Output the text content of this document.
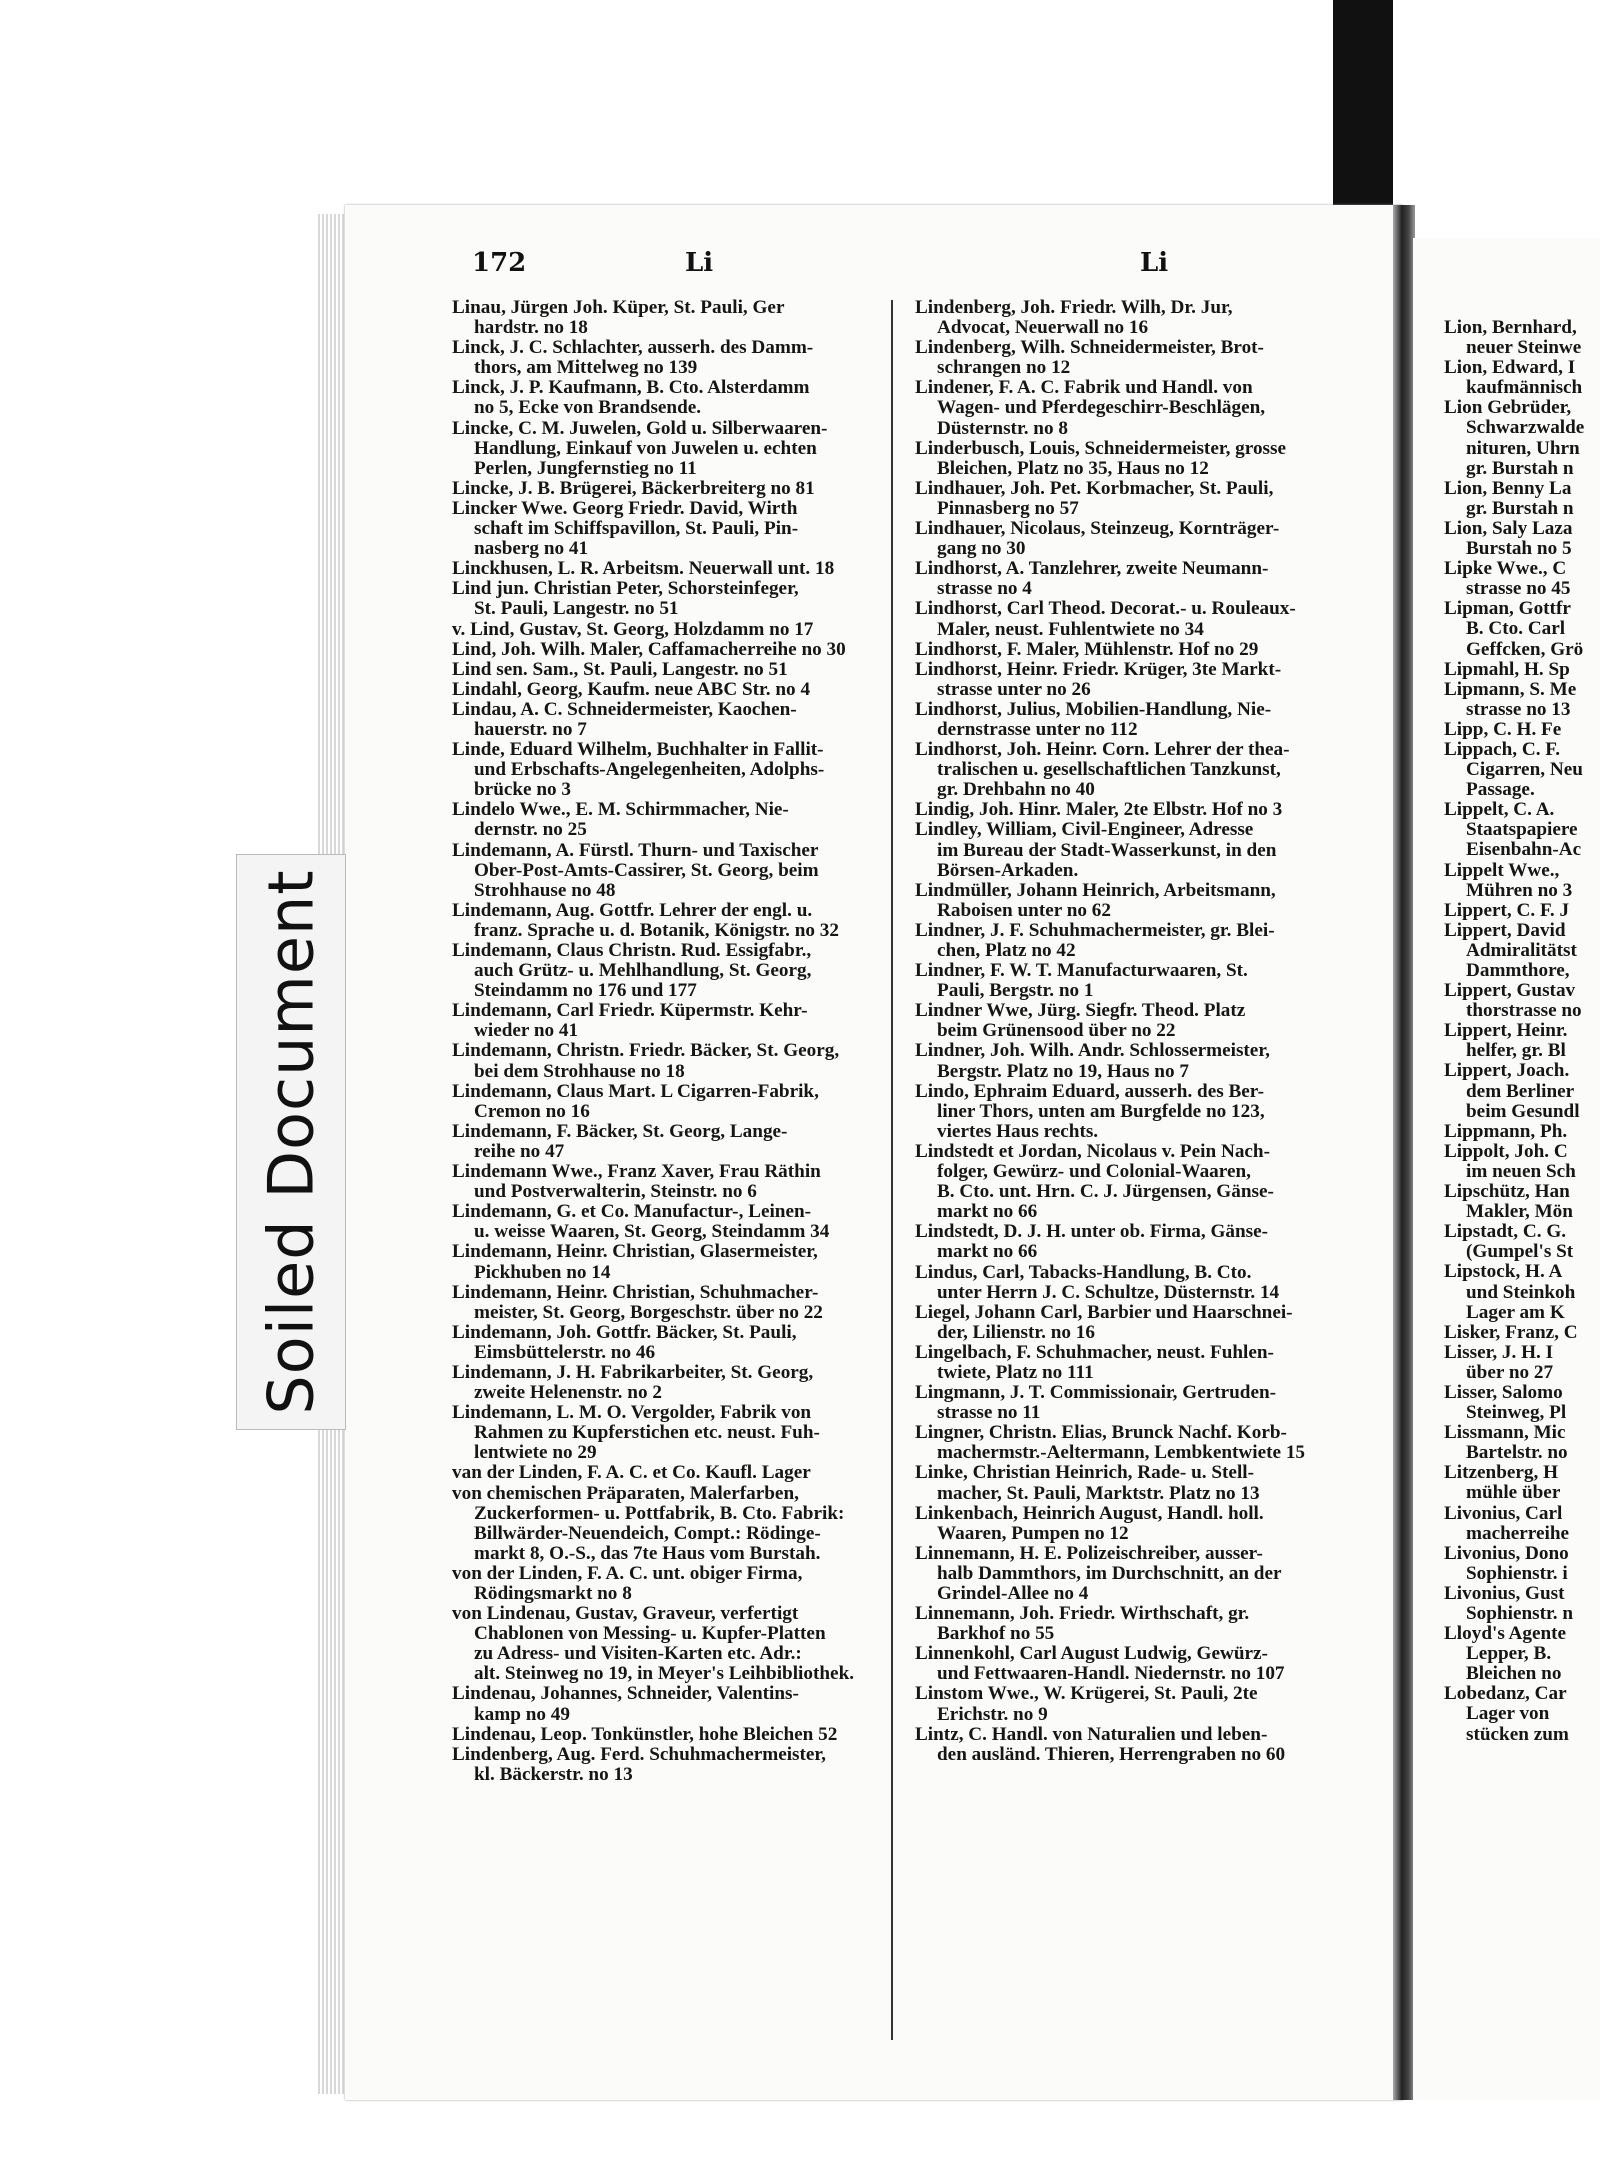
Soiled Document
172	Li	Li
Linau, Jürgen Joh. Küper, St. Pauli, Ger
hardstr. no 18
Linck, J. C. Schlachter, ausserh. des Damm-
thors, am Mittelweg no 139
Linck, J. P. Kaufmann, B. Cto. Alsterdamm
no 5, Ecke von Brandsende.
Lincke, C. M. Juwelen, Gold u. Silberwaaren-
Handlung, Einkauf von Juwelen u. echten
Perlen, Jungfernstieg no 11
Lincke, J. B. Brügerei, Bäckerbreiterg no 81
Lincker Wwe. Georg Friedr. David, Wirth
schaft im Schiffspavillon, St. Pauli, Pin-
nasberg no 41
Linckhusen, L. R. Arbeitsm. Neuerwall unt. 18
Lind jun. Christian Peter, Schorsteinfeger,
St. Pauli, Langestr. no 51
v. Lind, Gustav, St. Georg, Holzdamm no 17
Lind, Joh. Wilh. Maler, Caffamacherreihe no 30
Lind sen. Sam., St. Pauli, Langestr. no 51
Lindahl, Georg, Kaufm. neue ABC Str. no 4
Lindau, A. C. Schneidermeister, Kaochen-
hauerstr. no 7
Linde, Eduard Wilhelm, Buchhalter in Fallit-
und Erbschafts-Angelegenheiten, Adolphs-
brücke no 3
Lindelo Wwe., E. M. Schirmmacher, Nie-
dernstr. no 25
Lindemann, A. Fürstl. Thurn- und Taxischer
Ober-Post-Amts-Cassirer, St. Georg, beim
Strohhause no 48
Lindemann, Aug. Gottfr. Lehrer der engl. u.
franz. Sprache u. d. Botanik, Königstr. no 32
Lindemann, Claus Christn. Rud. Essigfabr.,
auch Grütz- u. Mehlhandlung, St. Georg,
Steindamm no 176 und 177
Lindemann, Carl Friedr. Küpermstr. Kehr-
wieder no 41
Lindemann, Christn. Friedr. Bäcker, St. Georg,
bei dem Strohhause no 18
Lindemann, Claus Mart. L Cigarren-Fabrik,
Cremon no 16
Lindemann, F. Bäcker, St. Georg, Lange-
reihe no 47
Lindemann Wwe., Franz Xaver, Frau Räthin
und Postverwalterin, Steinstr. no 6
Lindemann, G. et Co. Manufactur-, Leinen-
u. weisse Waaren, St. Georg, Steindamm 34
Lindemann, Heinr. Christian, Glasermeister,
Pickhuben no 14
Lindemann, Heinr. Christian, Schuhmacher-
meister, St. Georg, Borgeschstr. über no 22
Lindemann, Joh. Gottfr. Bäcker, St. Pauli,
Eimsbüttelerstr. no 46
Lindemann, J. H. Fabrikarbeiter, St. Georg,
zweite Helenenstr. no 2
Lindemann, L. M. O. Vergolder, Fabrik von
Rahmen zu Kupferstichen etc. neust. Fuh-
lentwiete no 29
van der Linden, F. A. C. et Co. Kaufl. Lager
von chemischen Präparaten, Malerfarben,
Zuckerformen- u. Pottfabrik, B. Cto. Fabrik:
Billwärder-Neuendeich, Compt.: Rödinge-
markt 8, O.-S., das 7te Haus vom Burstah.
von der Linden, F. A. C. unt. obiger Firma,
Rödingsmarkt no 8
von Lindenau, Gustav, Graveur, verfertigt
Chablonen von Messing- u. Kupfer-Platten
zu Adress- und Visiten-Karten etc. Adr.:
alt. Steinweg no 19, in Meyer's Leihbibliothek.
Lindenau, Johannes, Schneider, Valentins-
kamp no 49
Lindenau, Leop. Tonkünstler, hohe Bleichen 52
Lindenberg, Aug. Ferd. Schuhmachermeister,
kl. Bäckerstr. no 13
Lindenberg, Joh. Friedr. Wilh, Dr. Jur,
Advocat, Neuerwall no 16
Lindenberg, Wilh. Schneidermeister, Brot-
schrangen no 12
Lindener, F. A. C. Fabrik und Handl. von
Wagen- und Pferdegeschirr-Beschlägen,
Düsternstr. no 8
Linderbusch, Louis, Schneidermeister, grosse
Bleichen, Platz no 35, Haus no 12
Lindhauer, Joh. Pet. Korbmacher, St. Pauli,
Pinnasberg no 57
Lindhauer, Nicolaus, Steinzeug, Kornträger-
gang no 30
Lindhorst, A. Tanzlehrer, zweite Neumann-
strasse no 4
Lindhorst, Carl Theod. Decorat.- u. Rouleaux-
Maler, neust. Fuhlentwiete no 34
Lindhorst, F. Maler, Mühlenstr. Hof no 29
Lindhorst, Heinr. Friedr. Krüger, 3te Markt-
strasse unter no 26
Lindhorst, Julius, Mobilien-Handlung, Nie-
dernstrasse unter no 112
Lindhorst, Joh. Heinr. Corn. Lehrer der thea-
tralischen u. gesellschaftlichen Tanzkunst,
gr. Drehbahn no 40
Lindig, Joh. Hinr. Maler, 2te Elbstr. Hof no 3
Lindley, William, Civil-Engineer, Adresse
im Bureau der Stadt-Wasserkunst, in den
Börsen-Arkaden.
Lindmüller, Johann Heinrich, Arbeitsmann,
Raboisen unter no 62
Lindner, J. F. Schuhmachermeister, gr. Blei-
chen, Platz no 42
Lindner, F. W. T. Manufacturwaaren, St.
Pauli, Bergstr. no 1
Lindner Wwe, Jürg. Siegfr. Theod. Platz
beim Grünensood über no 22
Lindner, Joh. Wilh. Andr. Schlossermeister,
Bergstr. Platz no 19, Haus no 7
Lindo, Ephraim Eduard, ausserh. des Ber-
liner Thors, unten am Burgfelde no 123,
viertes Haus rechts.
Lindstedt et Jordan, Nicolaus v. Pein Nach-
folger, Gewürz- und Colonial-Waaren,
B. Cto. unt. Hrn. C. J. Jürgensen, Gänse-
markt no 66
Lindstedt, D. J. H. unter ob. Firma, Gänse-
markt no 66
Lindus, Carl, Tabacks-Handlung, B. Cto.
unter Herrn J. C. Schultze, Düsternstr. 14
Liegel, Johann Carl, Barbier und Haarschnei-
der, Lilienstr. no 16
Lingelbach, F. Schuhmacher, neust. Fuhlen-
twiete, Platz no 111
Lingmann, J. T. Commissionair, Gertruden-
strasse no 11
Lingner, Christn. Elias, Brunck Nachf. Korb-
machermstr.-Aeltermann, Lembkentwiete 15
Linke, Christian Heinrich, Rade- u. Stell-
macher, St. Pauli, Marktstr. Platz no 13
Linkenbach, Heinrich August, Handl. holl.
Waaren, Pumpen no 12
Linnemann, H. E. Polizeischreiber, ausser-
halb Dammthors, im Durchschnitt, an der
Grindel-Allee no 4
Linnemann, Joh. Friedr. Wirthschaft, gr.
Barkhof no 55
Linnenkohl, Carl August Ludwig, Gewürz-
und Fettwaaren-Handl. Niedernstr. no 107
Linstom Wwe., W. Krügerei, St. Pauli, 2te
Erichstr. no 9
Lintz, C. Handl. von Naturalien und leben-
den ausländ. Thieren, Herrengraben no 60
Lion, Bernhard,
neuer Steinwe
Lion, Edward, I
kaufmännisch
Lion Gebrüder,
Schwarzwalde
nituren, Uhrn
gr. Burstah n
Lion, Benny La
gr. Burstah n
Lion, Saly Laza
Burstah no 5
Lipke Wwe., C
strasse no 45
Lipman, Gottfr
B. Cto. Carl
Geffcken, Grö
Lipmahl, H. Sp
Lipmann, S. Me
strasse no 13
Lipp, C. H. Fe
Lippach, C. F.
Cigarren, Neu
Passage.
Lippelt, C. A.
Staatspapiere
Eisenbahn-Ac
Lippelt Wwe.,
Mühren no 3
Lippert, C. F. J
Lippert, David
Admiralitätst
Dammthore,
Lippert, Gustav
thorstrasse no
Lippert, Heinr.
helfer, gr. Bl
Lippert, Joach.
dem Berliner
beim Gesundl
Lippmann, Ph.
Lippolt, Joh. C
im neuen Sch
Lipschütz, Han
Makler, Mön
Lipstadt, C. G.
(Gumpel's St
Lipstock, H. A
und Steinkoh
Lager am K
Lisker, Franz, C
Lisser, J. H. I
über no 27
Lisser, Salomo
Steinweg, Pl
Lissmann, Mic
Bartelstr. no
Litzenberg, H
mühle über
Livonius, Carl
macherreihe
Livonius, Dono
Sophienstr. i
Livonius, Gust
Sophienstr. n
Lloyd's Agente
Lepper, B.
Bleichen no
Lobedanz, Car
Lager von
stücken zum
